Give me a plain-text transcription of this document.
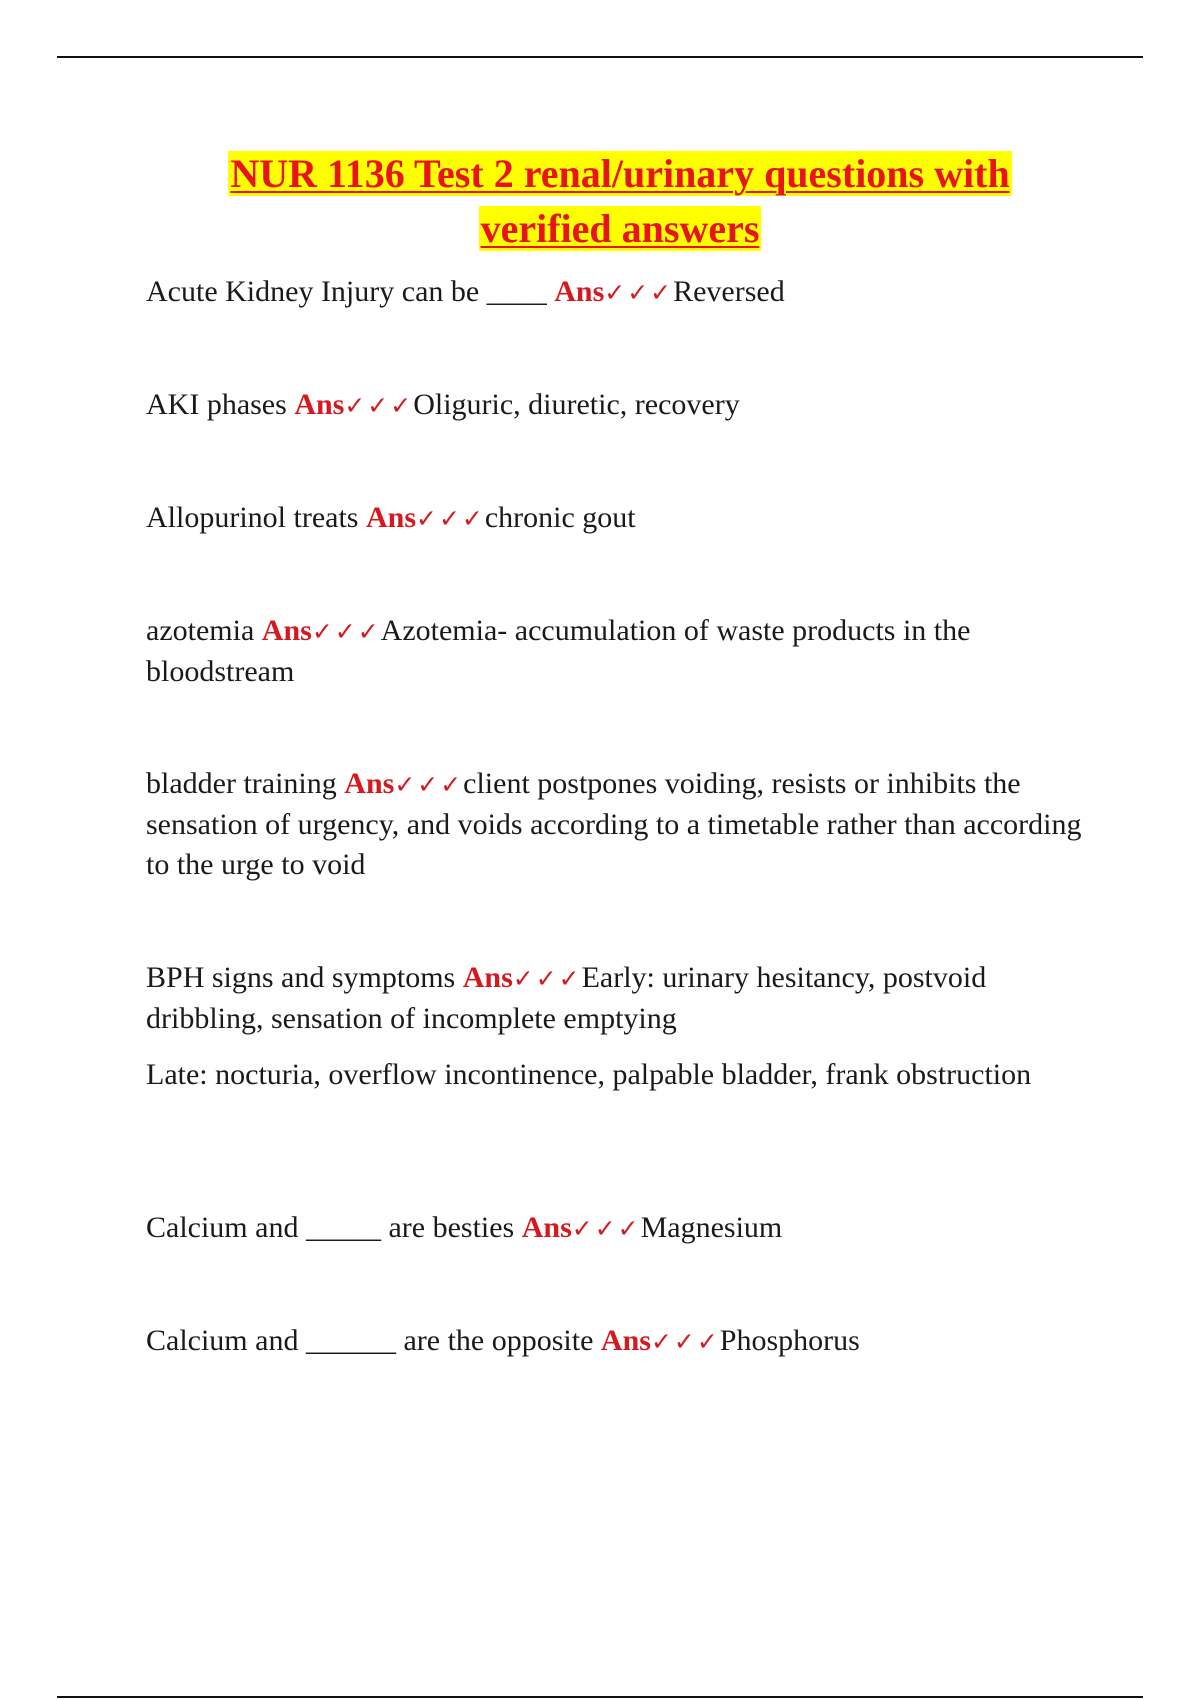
NUR 1136 Test 2 renal/urinary questions with
verified answers

Acute Kidney Injury can be ____ Ans✓✓✓Reversed

AKI phases Ans✓✓✓Oliguric, diuretic, recovery

Allopurinol treats Ans✓✓✓chronic gout

azotemia Ans✓✓✓Azotemia- accumulation of waste products in the bloodstream

bladder training Ans✓✓✓client postpones voiding, resists or inhibits the sensation of urgency, and voids according to a timetable rather than according to the urge to void

BPH signs and symptoms Ans✓✓✓Early: urinary hesitancy, postvoid dribbling, sensation of incomplete emptying

Late: nocturia, overflow incontinence, palpable bladder, frank obstruction

Calcium and _____ are besties Ans✓✓✓Magnesium

Calcium and ______ are the opposite Ans✓✓✓Phosphorus
